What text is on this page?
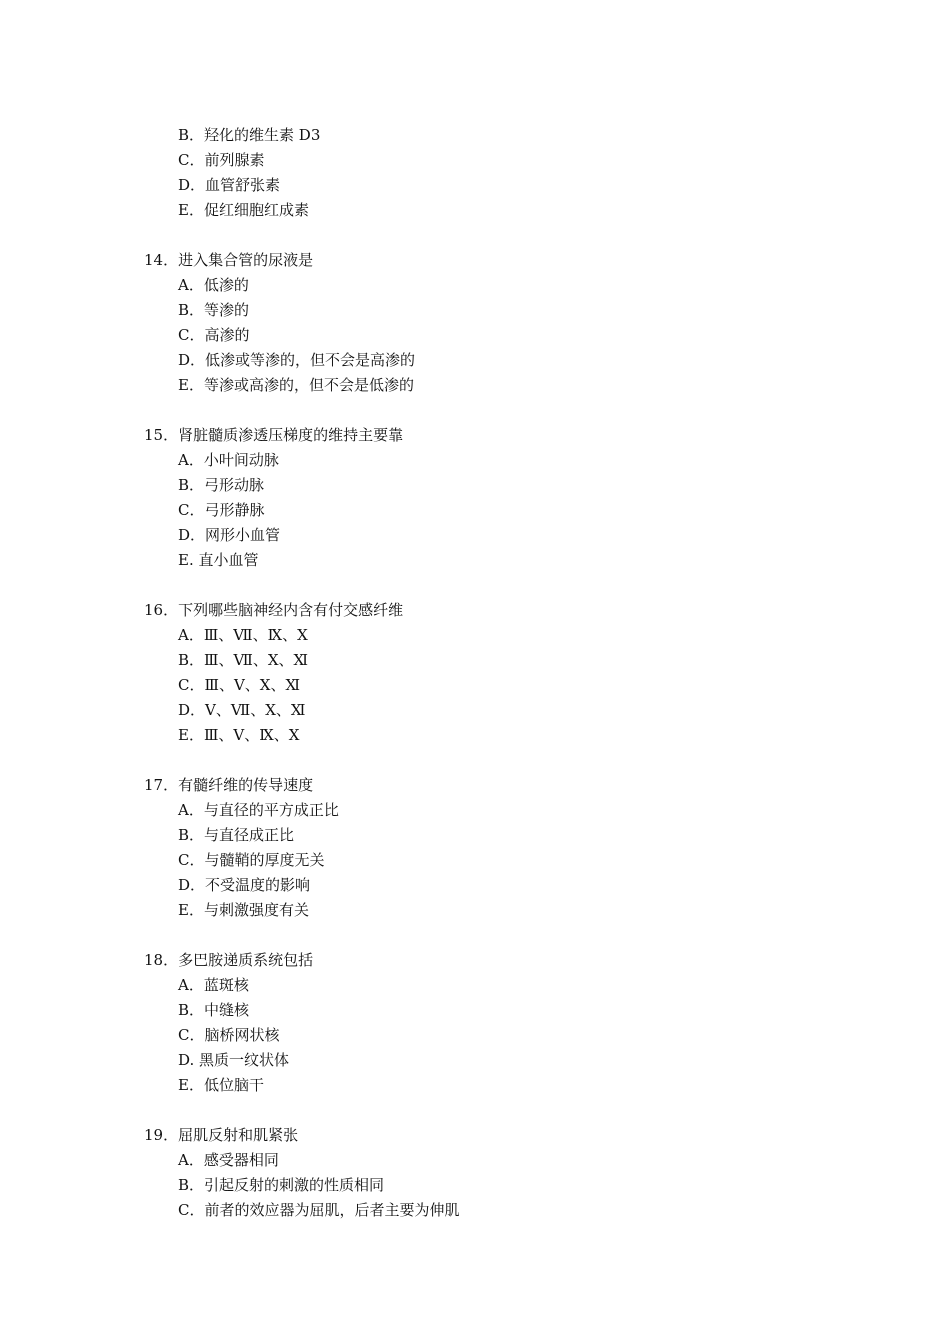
B．羟化的维生素 D3
C．前列腺素
D．血管舒张素
E．促红细胞红成素
14．进入集合管的尿液是
A．低渗的
B．等渗的
C．高渗的
D．低渗或等渗的，但不会是高渗的
E．等渗或高渗的，但不会是低渗的
15．肾脏髓质渗透压梯度的维持主要靠
A．小叶间动脉
B．弓形动脉
C．弓形静脉
D．网形小血管
E. 直小血管
16．下列哪些脑神经内含有付交感纤维
A．Ⅲ、Ⅶ、Ⅸ、Ⅹ
B．Ⅲ、Ⅶ、Ⅹ、Ⅺ
C．Ⅲ、Ⅴ、Ⅹ、Ⅺ
D．Ⅴ、Ⅶ、Ⅹ、Ⅺ
E．Ⅲ、Ⅴ、Ⅸ、Ⅹ
17．有髓纤维的传导速度
A．与直径的平方成正比
B．与直径成正比
C．与髓鞘的厚度无关
D．不受温度的影响
E．与刺激强度有关
18．多巴胺递质系统包括
A．蓝斑核
B．中缝核
C．脑桥网状核
D. 黑质一纹状体
E．低位脑干
19．屈肌反射和肌紧张
A．感受器相同
B．引起反射的刺激的性质相同
C．前者的效应器为屈肌，后者主要为伸肌
